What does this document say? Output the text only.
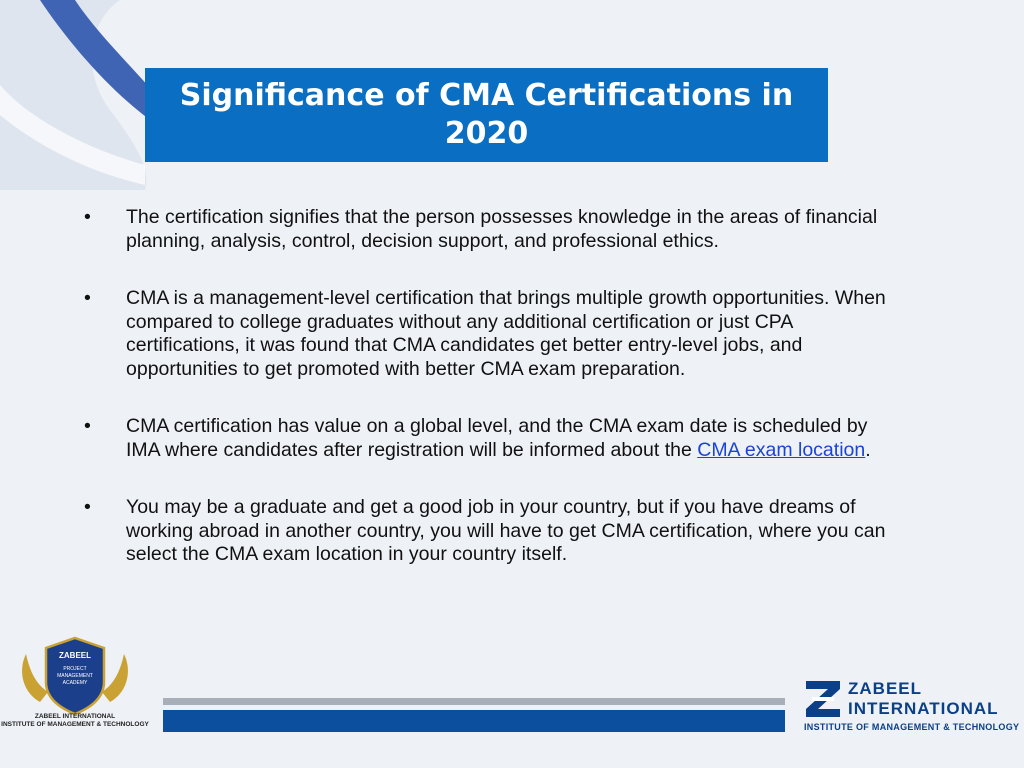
Significance of CMA Certifications in 2020
• The certification signifies that the person possesses knowledge in the areas of financial planning, analysis, control, decision support, and professional ethics.
• CMA is a management-level certification that brings multiple growth opportunities. When compared to college graduates without any additional certification or just CPA certifications, it was found that CMA candidates get better entry-level jobs, and opportunities to get promoted with better CMA exam preparation.
• CMA certification has value on a global level, and the CMA exam date is scheduled by IMA where candidates after registration will be informed about the CMA exam location.
• You may be a graduate and get a good job in your country, but if you have dreams of working abroad in another country, you will have to get CMA certification, where you can select the CMA exam location in your country itself.
ZABEEL
PROJECT
MANAGEMENT
ACADEMY
ZABEEL INTERNATIONAL
INSTITUTE OF MANAGEMENT & TECHNOLOGY
ZABEEL
INTERNATIONAL
INSTITUTE OF MANAGEMENT & TECHNOLOGY
